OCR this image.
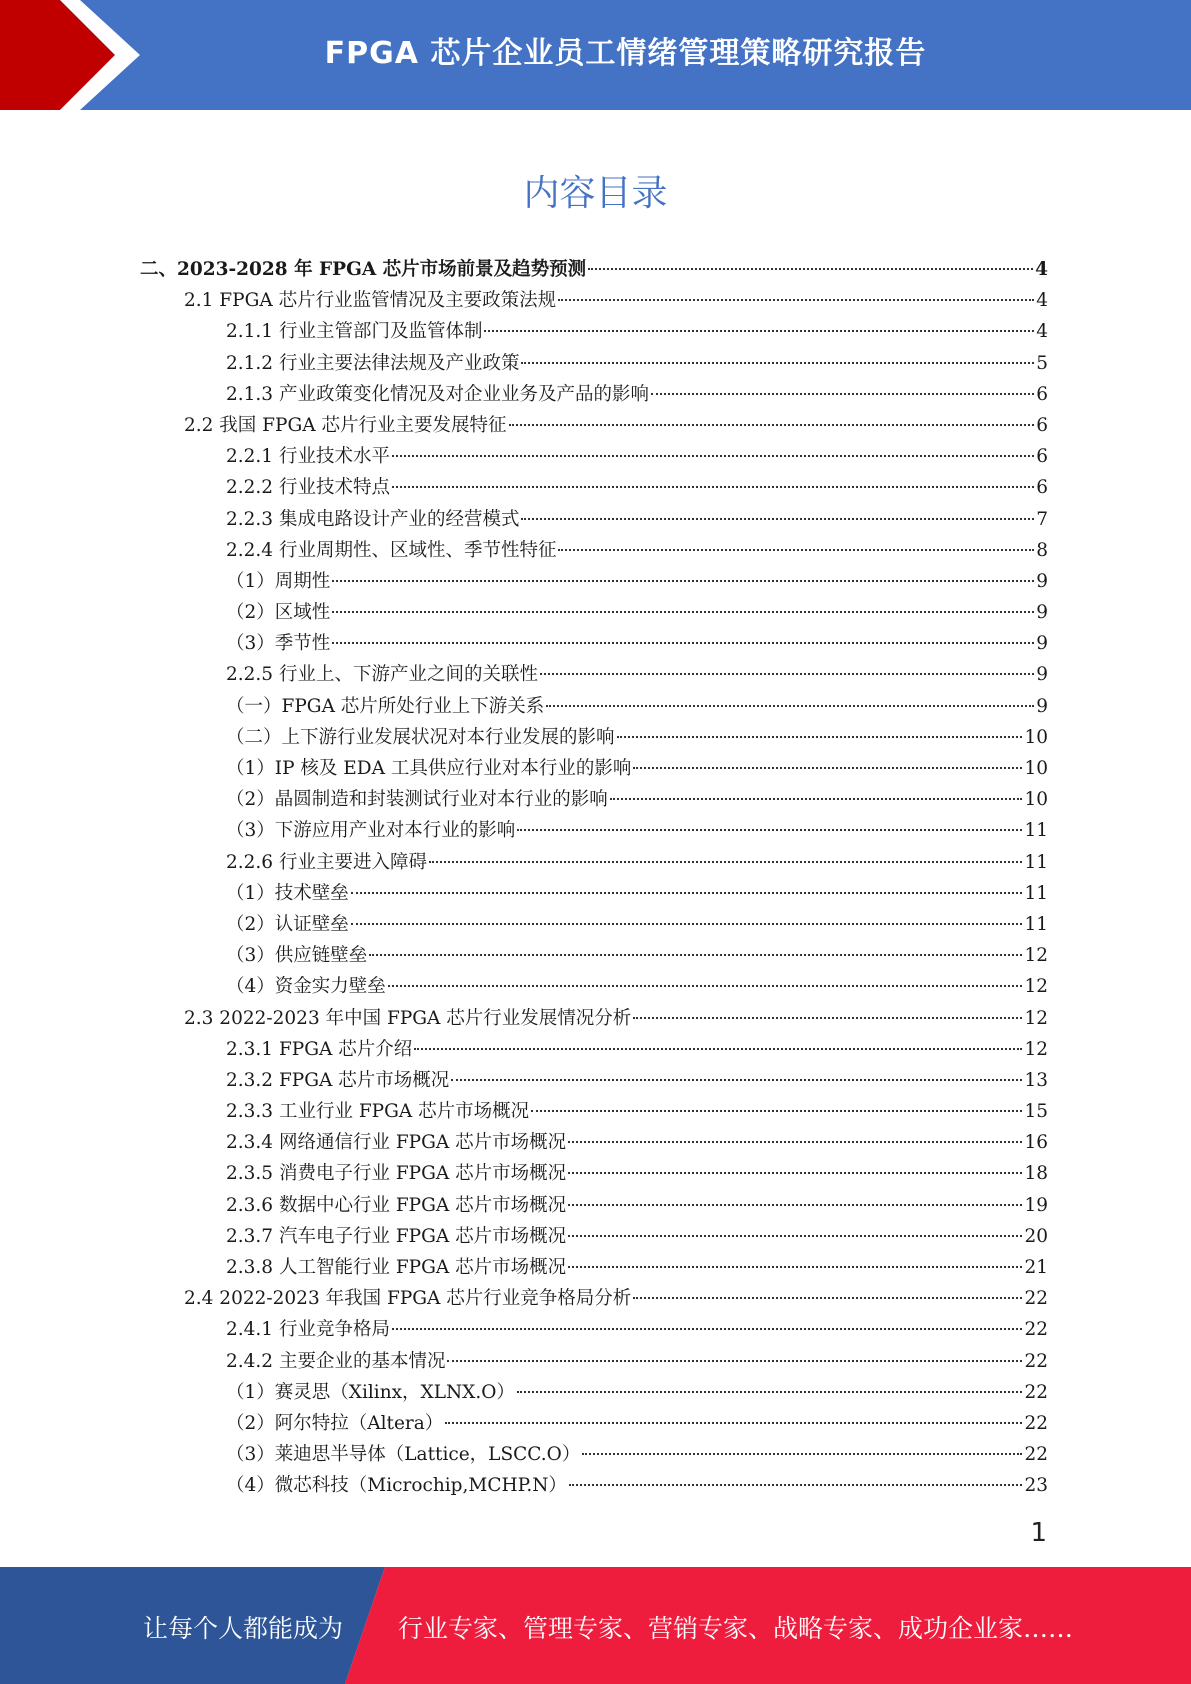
FPGA 芯片企业员工情绪管理策略研究报告
内容目录
二、2023-2028 年 FPGA 芯片市场前景及趋势预测	4
2.1 FPGA 芯片行业监管情况及主要政策法规	4
2.1.1 行业主管部门及监管体制	4
2.1.2 行业主要法律法规及产业政策	5
2.1.3 产业政策变化情况及对企业业务及产品的影响	6
2.2 我国 FPGA 芯片行业主要发展特征	6
2.2.1 行业技术水平	6
2.2.2 行业技术特点	6
2.2.3 集成电路设计产业的经营模式	7
2.2.4 行业周期性、区域性、季节性特征	8
（1）周期性	9
（2）区域性	9
（3）季节性	9
2.2.5 行业上、下游产业之间的关联性	9
（一）FPGA 芯片所处行业上下游关系	9
（二）上下游行业发展状况对本行业发展的影响	10
（1）IP 核及 EDA 工具供应行业对本行业的影响	10
（2）晶圆制造和封装测试行业对本行业的影响	10
（3）下游应用产业对本行业的影响	11
2.2.6 行业主要进入障碍	11
（1）技术壁垒	11
（2）认证壁垒	11
（3）供应链壁垒	12
（4）资金实力壁垒	12
2.3 2022-2023 年中国 FPGA 芯片行业发展情况分析	12
2.3.1 FPGA 芯片介绍	12
2.3.2 FPGA 芯片市场概况	13
2.3.3 工业行业 FPGA 芯片市场概况	15
2.3.4 网络通信行业 FPGA 芯片市场概况	16
2.3.5 消费电子行业 FPGA 芯片市场概况	18
2.3.6 数据中心行业 FPGA 芯片市场概况	19
2.3.7 汽车电子行业 FPGA 芯片市场概况	20
2.3.8 人工智能行业 FPGA 芯片市场概况	21
2.4 2022-2023 年我国 FPGA 芯片行业竞争格局分析	22
2.4.1 行业竞争格局	22
2.4.2 主要企业的基本情况	22
（1）赛灵思（Xilinx，XLNX.O）	22
（2）阿尔特拉（Altera）	22
（3）莱迪思半导体（Lattice，LSCC.O）	22
（4）微芯科技（Microchip,MCHP.N）	23
1
让每个人都能成为 行业专家、管理专家、营销专家、战略专家、成功企业家……
